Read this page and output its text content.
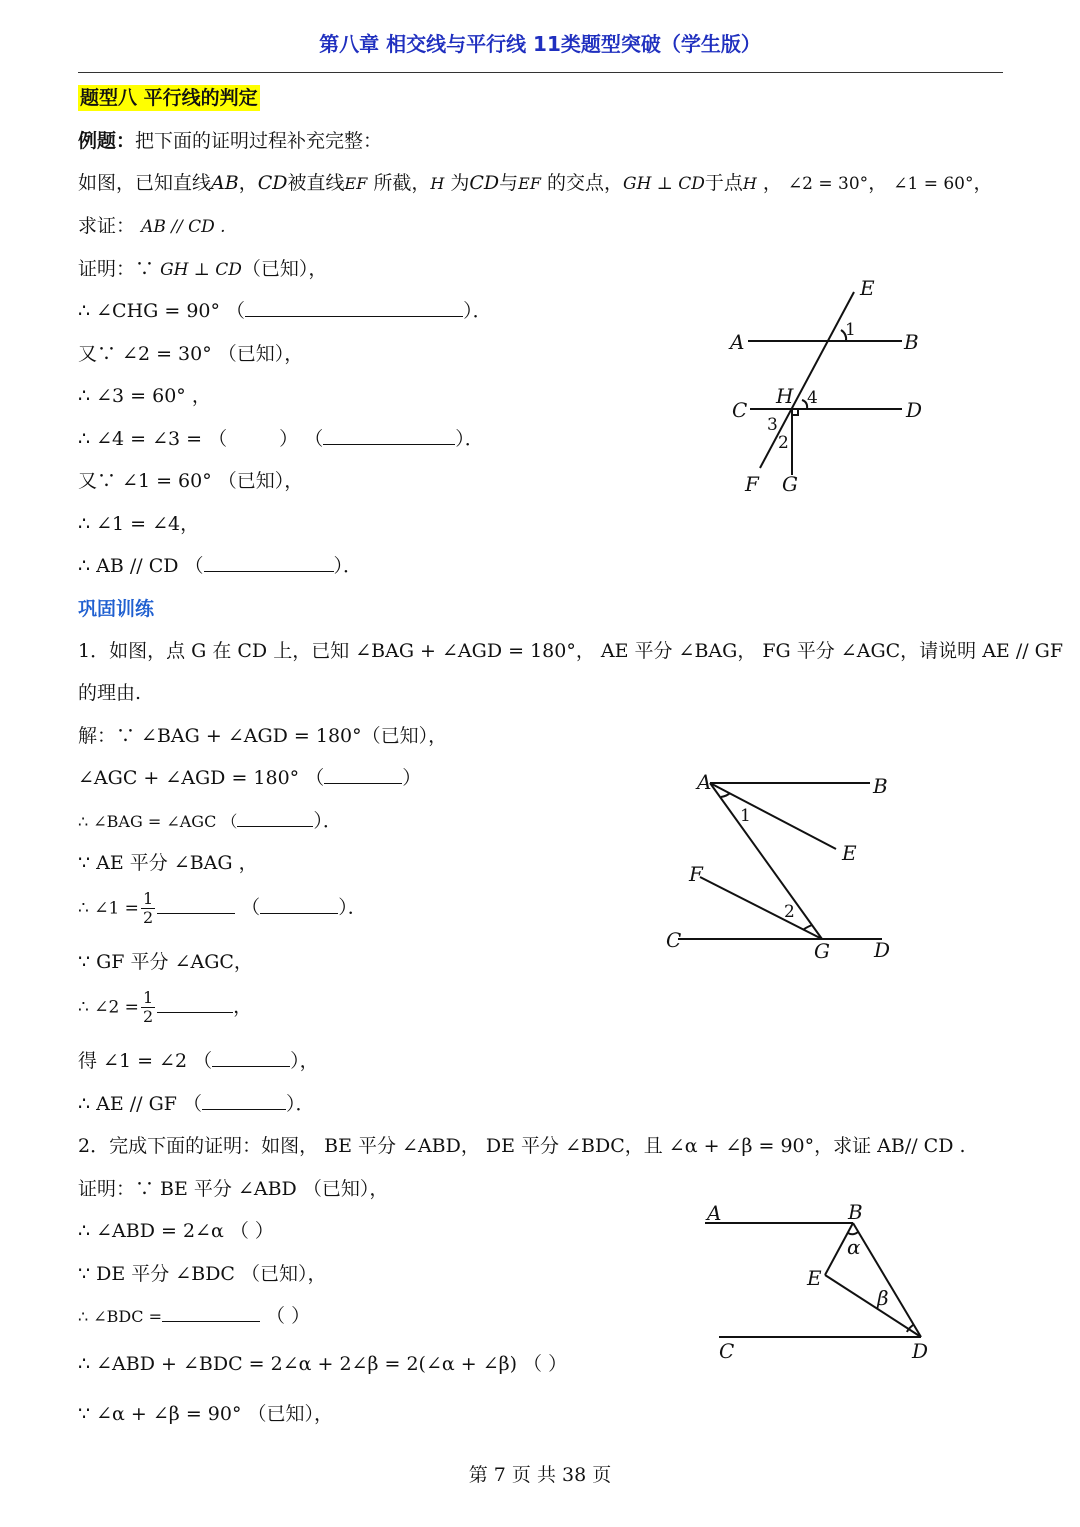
第八章 相交线与平行线 11类题型突破（学生版）
题型八 平行线的判定
例题：把下面的证明过程补充完整：
如图，已知直线AB，CD被直线EF 所截，H 为CD与EF 的交点，GH ⊥ CD于点H ， ∠2 = 30°， ∠1 = 60°，
求证： AB // CD .
证明：∵ GH ⊥ CD（已知），
∴ ∠CHG = 90° （	）．
又∵ ∠2 = 30° （已知），
∴ ∠3 = 60° ，
∴ ∠4 = ∠3 = （	） （	）．
又∵ ∠1 = 60° （已知），
∴ ∠1 = ∠4，
∴ AB // CD （	）．
巩固训练
1．如图，点 G 在 CD 上，已知 ∠BAG + ∠AGD = 180°， AE 平分 ∠BAG， FG 平分 ∠AGC，请说明 AE // GF
的理由.
解：∵ ∠BAG + ∠AGD = 180°（已知），
∠AGC + ∠AGD = 180° （	）
∴ ∠BAG = ∠AGC （	）．
∵ AE 平分 ∠BAG ，
∴ ∠1 = $\frac{1}{2}$	（	）．
∵ GF 平分 ∠AGC，
∴ ∠2 = $\frac{1}{2}$	，
得 ∠1 = ∠2 （	），
∴ AE // GF （	）．
2．完成下面的证明：如图， BE 平分 ∠ABD， DE 平分 ∠BDC，且 ∠α + ∠β = 90°，求证 AB// CD .
证明：∵ BE 平分 ∠ABD （已知），
∴ ∠ABD = 2∠α （ ）
∵ DE 平分 ∠BDC （已知），
∴ ∠BDC =	（ ）
∴ ∠ABD + ∠BDC = 2∠α + 2∠β = 2(∠α + ∠β) （ ）
∵ ∠α + ∠β = 90° （已知），
E
A	B
1
C	D
H 4
3
2
F G
A	B
1
E
F
2
C	G D
A	B
α
E
β
C	D
第 7 页 共 38 页
